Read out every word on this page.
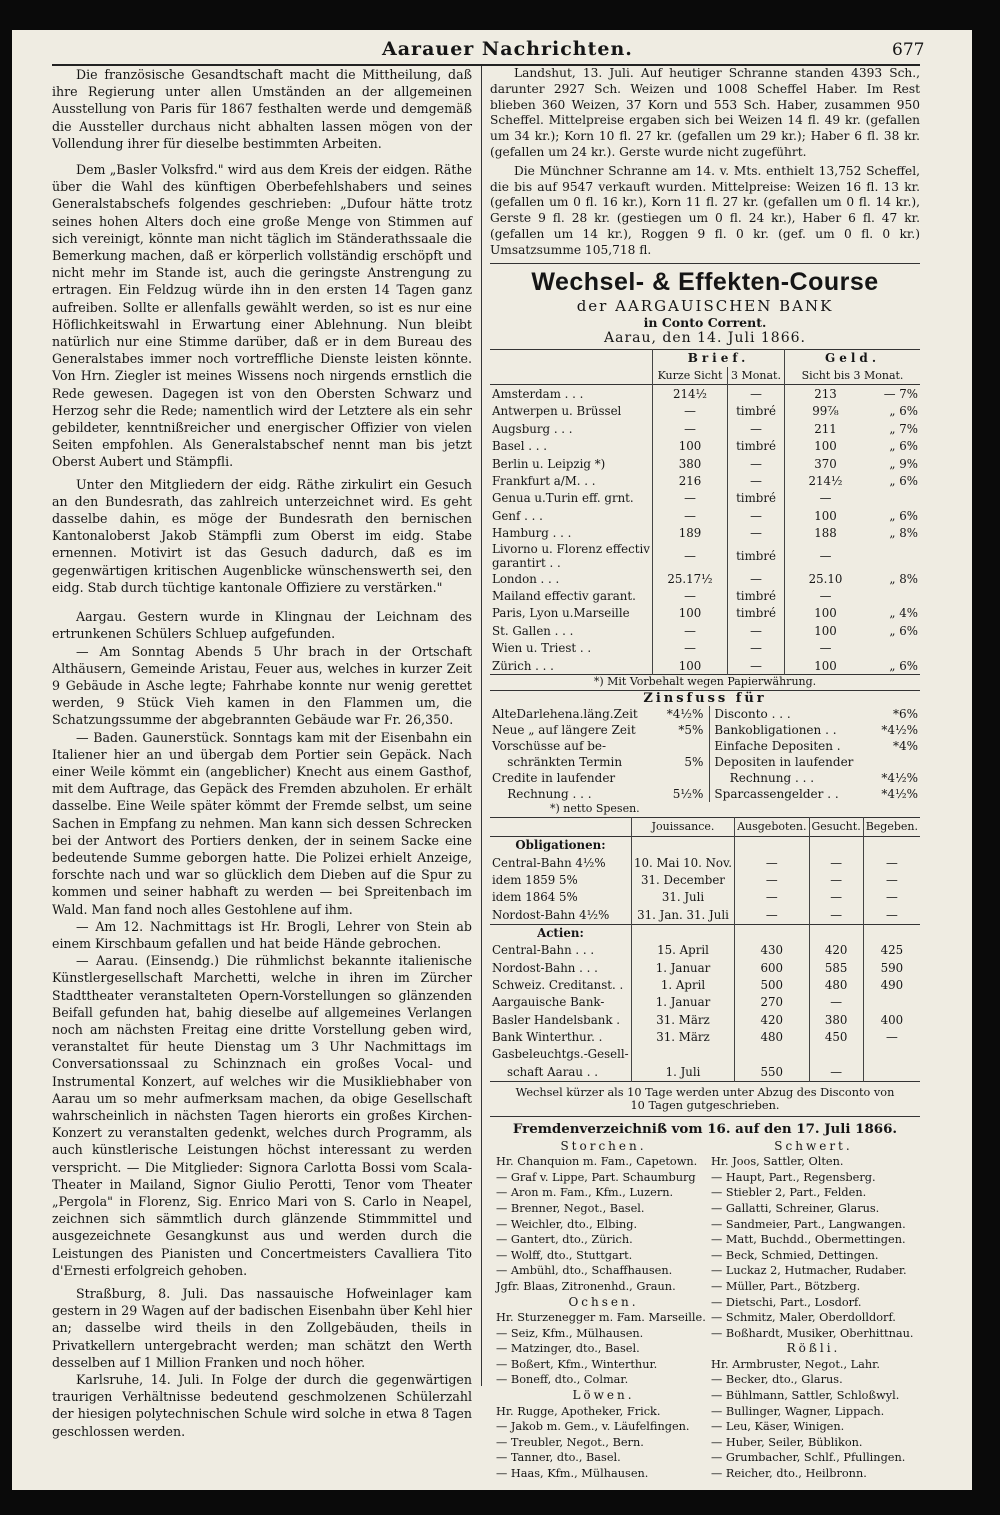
Aarauer Nachrichten.	677

Die französische Gesandtschaft macht die Mittheilung, daß ihre Regierung unter allen Umständen an der allgemeinen Ausstellung von Paris für 1867 festhalten werde und demgemäß die Aussteller durchaus nicht abhalten lassen mögen von der Vollendung ihrer für dieselbe bestimmten Arbeiten.

Dem „Basler Volksfrd." wird aus dem Kreis der eidgen. Räthe über die Wahl des künftigen Oberbefehlshabers und seines Generalstabschefs folgendes geschrieben: „Dufour hätte trotz seines hohen Alters doch eine große Menge von Stimmen auf sich vereinigt, könnte man nicht täglich im Ständerathssaale die Bemerkung machen, daß er körperlich vollständig erschöpft und nicht mehr im Stande ist, auch die geringste Anstrengung zu ertragen. Ein Feldzug würde ihn in den ersten 14 Tagen ganz aufreiben. Sollte er allenfalls gewählt werden, so ist es nur eine Höflichkeitswahl in Erwartung einer Ablehnung. Nun bleibt natürlich nur eine Stimme darüber, daß er in dem Bureau des Generalstabes immer noch vortreffliche Dienste leisten könnte. Von Hrn. Ziegler ist meines Wissens noch nirgends ernstlich die Rede gewesen. Dagegen ist von den Obersten Schwarz und Herzog sehr die Rede; namentlich wird der Letztere als ein sehr gebildeter, kenntnißreicher und energischer Offizier von vielen Seiten empfohlen. Als Generalstabschef nennt man bis jetzt Oberst Aubert und Stämpfli.

Unter den Mitgliedern der eidg. Räthe zirkulirt ein Gesuch an den Bundesrath, das zahlreich unterzeichnet wird. Es geht dasselbe dahin, es möge der Bundesrath den bernischen Kantonaloberst Jakob Stämpfli zum Oberst im eidg. Stabe ernennen. Motivirt ist das Gesuch dadurch, daß es im gegenwärtigen kritischen Augenblicke wünschenswerth sei, den eidg. Stab durch tüchtige kantonale Offiziere zu verstärken."

Aargau. Gestern wurde in Klingnau der Leichnam des ertrunkenen Schülers Schluep aufgefunden.

— Am Sonntag Abends 5 Uhr brach in der Ortschaft Althäusern, Gemeinde Aristau, Feuer aus, welches in kurzer Zeit 9 Gebäude in Asche legte; Fahrhabe konnte nur wenig gerettet werden, 9 Stück Vieh kamen in den Flammen um, die Schatzungssumme der abgebrannten Gebäude war Fr. 26,350.

— Baden. Gaunerstück. Sonntags kam mit der Eisenbahn ein Italiener hier an und übergab dem Portier sein Gepäck. Nach einer Weile kömmt ein (angeblicher) Knecht aus einem Gasthof, mit dem Auftrage, das Gepäck des Fremden abzuholen. Er erhält dasselbe. Eine Weile später kömmt der Fremde selbst, um seine Sachen in Empfang zu nehmen. Man kann sich dessen Schrecken bei der Antwort des Portiers denken, der in seinem Sacke eine bedeutende Summe geborgen hatte. Die Polizei erhielt Anzeige, forschte nach und war so glücklich dem Dieben auf die Spur zu kommen und seiner habhaft zu werden — bei Spreitenbach im Wald. Man fand noch alles Gestohlene auf ihm.

— Am 12. Nachmittags ist Hr. Brogli, Lehrer von Stein ab einem Kirschbaum gefallen und hat beide Hände gebrochen.

— Aarau. (Einsendg.) Die rühmlichst bekannte italienische Künstlergesellschaft Marchetti, welche in ihren im Zürcher Stadttheater veranstalteten Opern-Vorstellungen so glänzenden Beifall gefunden hat, bahig dieselbe auf allgemeines Verlangen noch am nächsten Freitag eine dritte Vorstellung geben wird, veranstaltet für heute Dienstag um 3 Uhr Nachmittags im Conversationssaal zu Schinznach ein großes Vocal- und Instrumental Konzert, auf welches wir die Musikliebhaber von Aarau um so mehr aufmerksam machen, da obige Gesellschaft wahrscheinlich in nächsten Tagen hierorts ein großes Kirchen-Konzert zu veranstalten gedenkt, welches durch Programm, als auch künstlerische Leistungen höchst interessant zu werden verspricht. — Die Mitglieder: Signora Carlotta Bossi vom Scala-Theater in Mailand, Signor Giulio Perotti, Tenor vom Theater „Pergola" in Florenz, Sig. Enrico Mari von S. Carlo in Neapel, zeichnen sich sämmtlich durch glänzende Stimmmittel und ausgezeichnete Gesangkunst aus und werden durch die Leistungen des Pianisten und Concertmeisters Cavalliera Tito d'Ernesti erfolgreich gehoben.

Straßburg, 8. Juli. Das nassauische Hofweinlager kam gestern in 29 Wagen auf der badischen Eisenbahn über Kehl hier an; dasselbe wird theils in den Zollgebäuden, theils in Privatkellern untergebracht werden; man schätzt den Werth desselben auf 1 Million Franken und noch höher.

Karlsruhe, 14. Juli. In Folge der durch die gegenwärtigen traurigen Verhältnisse bedeutend geschmolzenen Schülerzahl der hiesigen polytechnischen Schule wird solche in etwa 8 Tagen geschlossen werden.

Landshut, 13. Juli. Auf heutiger Schranne standen 4393 Sch., darunter 2927 Sch. Weizen und 1008 Scheffel Haber. Im Rest blieben 360 Weizen, 37 Korn und 553 Sch. Haber, zusammen 950 Scheffel. Mittelpreise ergaben sich bei Weizen 14 fl. 49 kr. (gefallen um 34 kr.); Korn 10 fl. 27 kr. (gefallen um 29 kr.); Haber 6 fl. 38 kr. (gefallen um 24 kr.). Gerste wurde nicht zugeführt.

Die Münchner Schranne am 14. v. Mts. enthielt 13,752 Scheffel, die bis auf 9547 verkauft wurden. Mittelpreise: Weizen 16 fl. 13 kr. (gefallen um 0 fl. 16 kr.), Korn 11 fl. 27 kr. (gefallen um 0 fl. 14 kr.), Gerste 9 fl. 28 kr. (gestiegen um 0 fl. 24 kr.), Haber 6 fl. 47 kr. (gefallen um 14 kr.), Roggen 9 fl. 0 kr. (gef. um 0 fl. 0 kr.) Umsatzsumme 105,718 fl.

Wechsel- & Effekten-Course
der AARGAUISCHEN BANK
in Conto Corrent.
Aarau, den 14. Juli 1866.
	Brief.		Geld.	
	Kurze Sicht	3 Monat.	Sicht bis 3 Monat.	
Amsterdam . . .	214½	—	213	— 7%
Antwerpen u. Brüssel	—	timbré	99⅞	„ 6%
Augsburg . . .	—	—	211	„ 7%
Basel . . .	100	timbré	100	„ 6%
Berlin u. Leipzig *)	380	—	370	„ 9%
Frankfurt a/M. . .	216	—	214½	„ 6%
Genua u.Turin eff. grnt.	—	timbré	—	
Genf . . .	—	—	100	„ 6%
Hamburg . . .	189	—	188	„ 8%
Livorno u. Florenz effectiv garantirt . .	—	timbré	—	
London . . .	25.17½	—	25.10	„ 8%
Mailand effectiv garant.	—	timbré	—	
Paris, Lyon u.Marseille	100	timbré	100	„ 4%
St. Gallen . . .	—	—	100	„ 6%
Wien u. Triest . .	—	—	—	
Zürich . . .	100	—	100	„ 6%
*) Mit Vorbehalt wegen Papierwährung.
Zinsfuss für
AlteDarlehena.läng.Zeit	*4½%	Disconto . . .	*6%
Neue „ auf längere Zeit	*5%	Bankobligationen . .	*4½%
Vorschüsse auf be-		Einfache Depositen .	*4%
schränkten Termin	5%	Depositen in laufender	
Credite in laufender		Rechnung . . .	*4½%
Rechnung . . .	5½%	Sparcassengelder . .	*4½%
*) netto Spesen.
	Jouissance.	Ausgeboten.	Gesucht.	Begeben.
Obligationen:				
Central-Bahn 4½%	10. Mai 10. Nov.	—	—	—
idem 1859 5%	31. December	—	—	—
idem 1864 5%	31. Juli	—	—	—
Nordost-Bahn 4½%	31. Jan. 31. Juli	—	—	—

Actien:				
Central-Bahn . . .	15. April	430	420	425
Nordost-Bahn . . .	1. Januar	600	585	590
Schweiz. Creditanst. .	1. April	500	480	490
Aargauische Bank-	1. Januar	270	—	
Basler Handelsbank .	31. März	420	380	400
Bank Winterthur. .	31. März	480	450	—
Gasbeleuchtgs.-Gesell-				
schaft Aarau . .	1. Juli	550	—	
Wechsel kürzer als 10 Tage werden unter Abzug des Disconto von 10 Tagen gutgeschrieben.
Fremdenverzeichniß vom 16. auf den 17. Juli 1866.
Storchen.
Hr. Chanquion m. Fam., Capetown.
— Graf v. Lippe, Part. Schaumburg
— Aron m. Fam., Kfm., Luzern.
— Brenner, Negot., Basel.
— Weichler, dto., Elbing.
— Gantert, dto., Zürich.
— Wolff, dto., Stuttgart.
— Ambühl, dto., Schaffhausen.
Jgfr. Blaas, Zitronenhd., Graun.
Ochsen.
Hr. Sturzenegger m. Fam. Marseille.
— Seiz, Kfm., Mülhausen.
— Matzinger, dto., Basel.
— Boßert, Kfm., Winterthur.
— Boneff, dto., Colmar.
Löwen.
Hr. Rugge, Apotheker, Frick.
— Jakob m. Gem., v. Läufelfingen.
— Treubler, Negot., Bern.
— Tanner, dto., Basel.
— Haas, Kfm., Mülhausen.
Schwert.
Hr. Joos, Sattler, Olten.
— Haupt, Part., Regensberg.
— Stiebler 2, Part., Felden.
— Gallatti, Schreiner, Glarus.
— Sandmeier, Part., Langwangen.
— Matt, Buchdd., Obermettingen.
— Beck, Schmied, Dettingen.
— Luckaz 2, Hutmacher, Rudaber.
— Müller, Part., Bötzberg.
— Dietschi, Part., Losdorf.
— Schmitz, Maler, Oberdolldorf.
— Boßhardt, Musiker, Oberhittnau.
Rößli.
Hr. Armbruster, Negot., Lahr.
— Becker, dto., Glarus.
— Bühlmann, Sattler, Schloßwyl.
— Bullinger, Wagner, Lippach.
— Leu, Käser, Winigen.
— Huber, Seiler, Büblikon.
— Grumbacher, Schlf., Pfullingen.
— Reicher, dto., Heilbronn.
